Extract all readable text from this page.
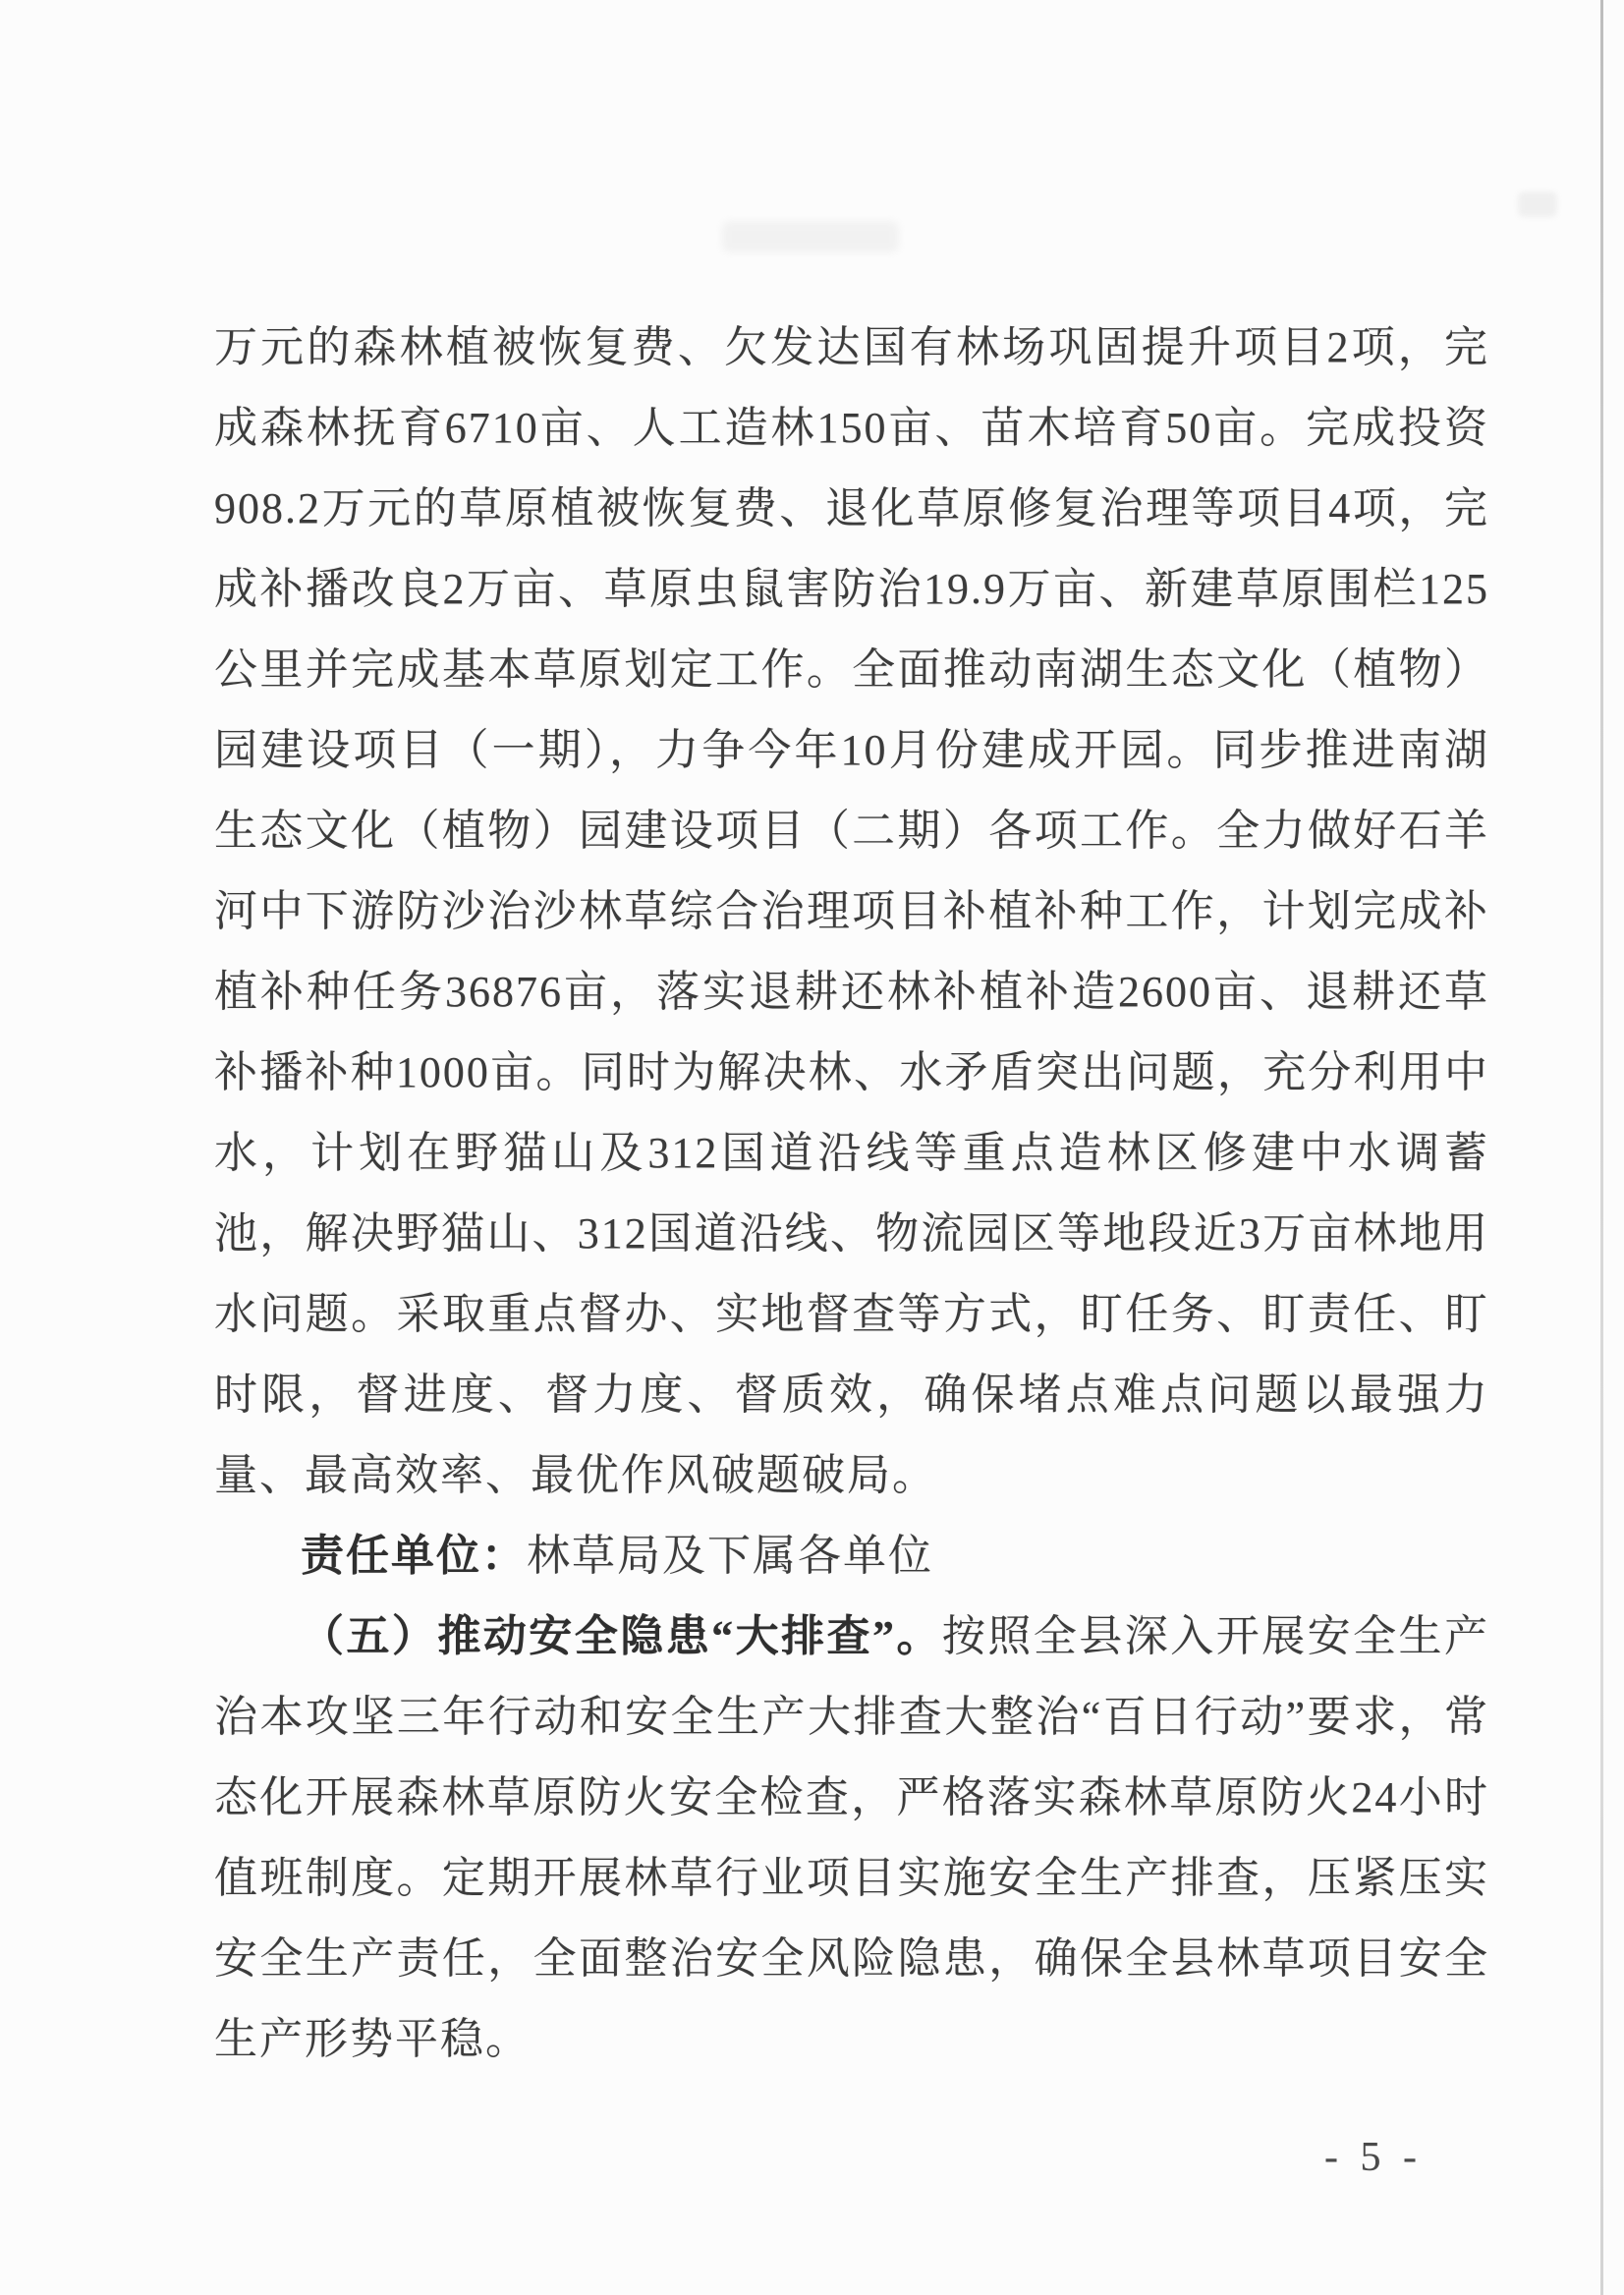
万元的森林植被恢复费、欠发达国有林场巩固提升项目2项，完成森林抚育6710亩、人工造林150亩、苗木培育50亩。完成投资908.2万元的草原植被恢复费、退化草原修复治理等项目4项，完成补播改良2万亩、草原虫鼠害防治19.9万亩、新建草原围栏125公里并完成基本草原划定工作。全面推动南湖生态文化（植物）园建设项目（一期），力争今年10月份建成开园。同步推进南湖生态文化（植物）园建设项目（二期）各项工作。全力做好石羊河中下游防沙治沙林草综合治理项目补植补种工作，计划完成补植补种任务36876亩，落实退耕还林补植补造2600亩、退耕还草补播补种1000亩。同时为解决林、水矛盾突出问题，充分利用中水，计划在野猫山及312国道沿线等重点造林区修建中水调蓄池，解决野猫山、312国道沿线、物流园区等地段近3万亩林地用水问题。采取重点督办、实地督查等方式，盯任务、盯责任、盯时限，督进度、督力度、督质效，确保堵点难点问题以最强力量、最高效率、最优作风破题破局。

责任单位：林草局及下属各单位

（五）推动安全隐患“大排查”。按照全县深入开展安全生产治本攻坚三年行动和安全生产大排查大整治“百日行动”要求，常态化开展森林草原防火安全检查，严格落实森林草原防火24小时值班制度。定期开展林草行业项目实施安全生产排查，压紧压实安全生产责任，全面整治安全风险隐患，确保全县林草项目安全生产形势平稳。

- 5 -
